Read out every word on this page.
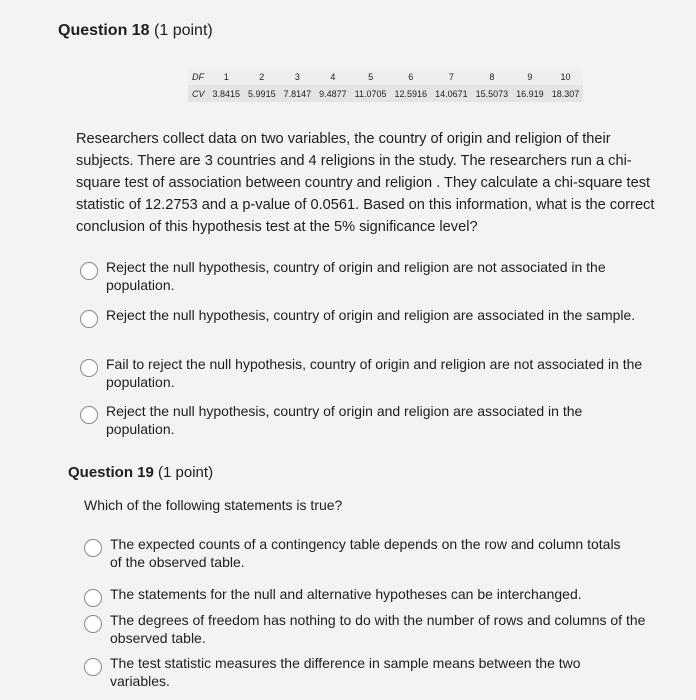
Question 18 (1 point)
DF	1	2	3	4	5	6	7	8	9	10
CV	3.8415	5.9915	7.8147	9.4877	11.0705	12.5916	14.0671	15.5073	16.919	18.307
Researchers collect data on two variables, the country of origin and religion of their subjects. There are 3 countries and 4 religions in the study. The researchers run a chi-square test of association between country and religion . They calculate a chi-square test statistic of 12.2753 and a p-value of 0.0561. Based on this information, what is the correct conclusion of this hypothesis test at the 5% significance level?
Reject the null hypothesis, country of origin and religion are not associated in the population.
Reject the null hypothesis, country of origin and religion are associated in the sample.
Fail to reject the null hypothesis, country of origin and religion are not associated in the population.
Reject the null hypothesis, country of origin and religion are associated in the population.
Question 19 (1 point)
Which of the following statements is true?
The expected counts of a contingency table depends on the row and column totals of the observed table.
The statements for the null and alternative hypotheses can be interchanged.
The degrees of freedom has nothing to do with the number of rows and columns of the observed table.
The test statistic measures the difference in sample means between the two variables.
